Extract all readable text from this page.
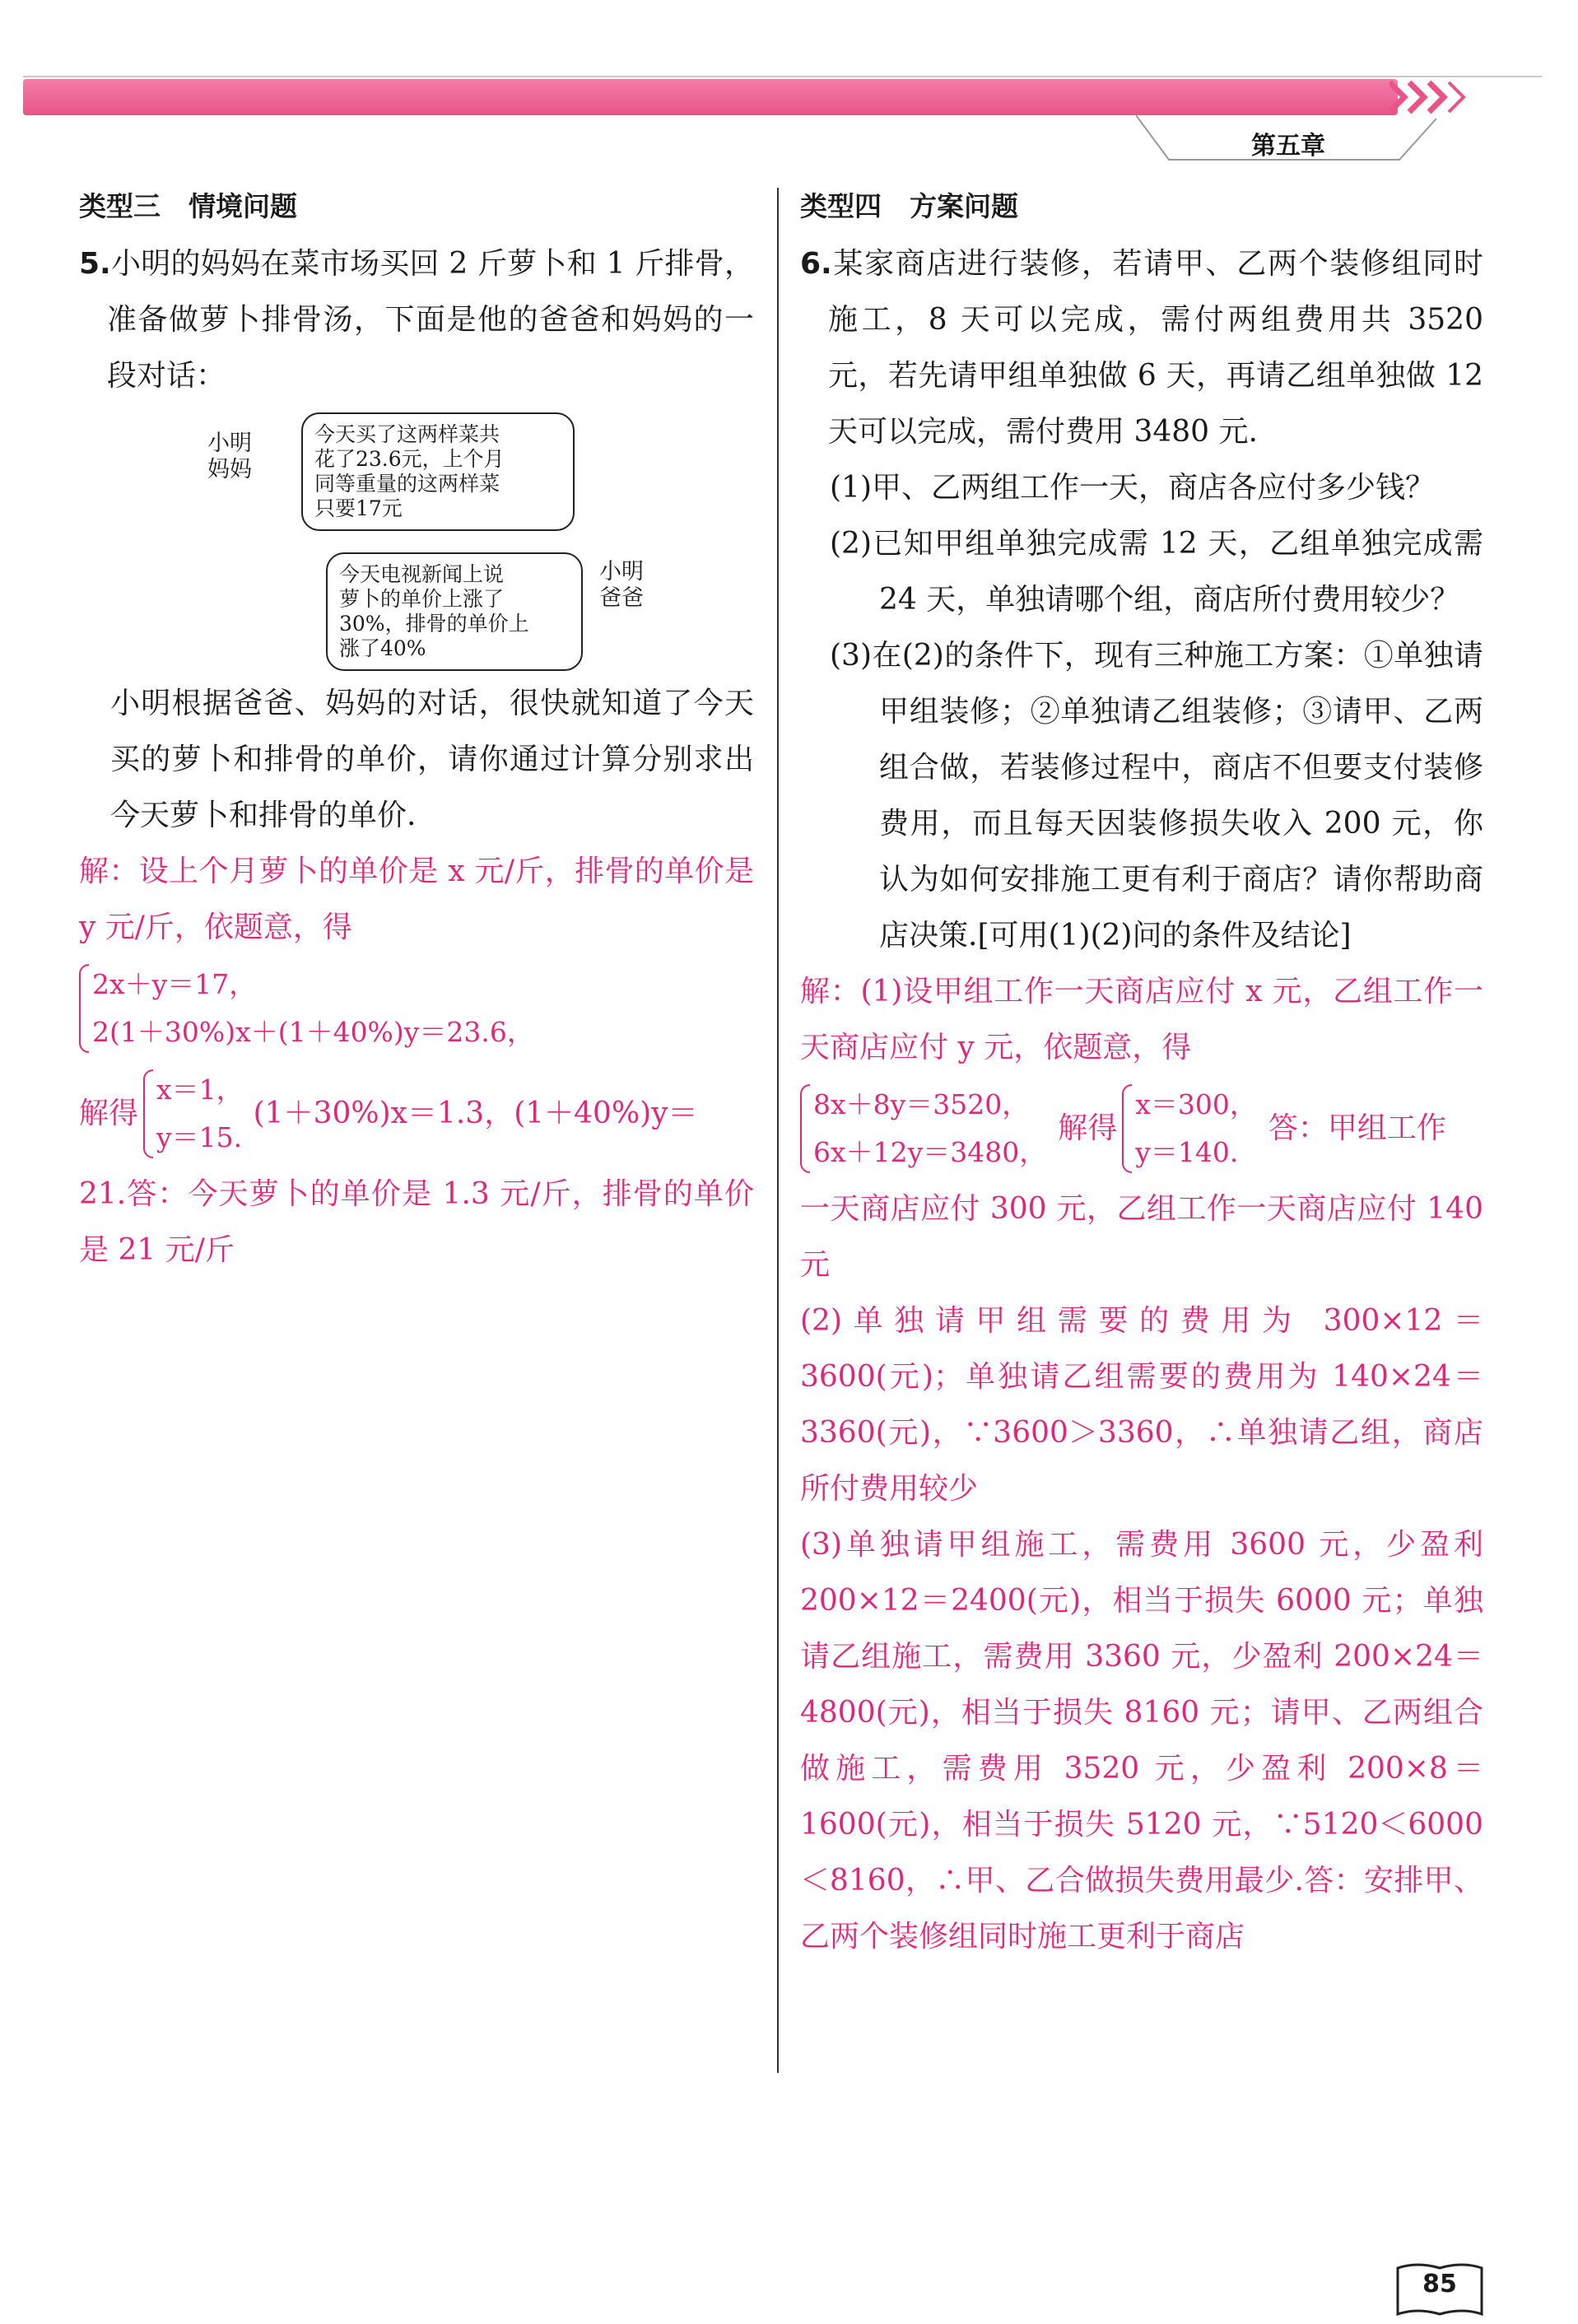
第五章
类型三 情境问题

5.小明的妈妈在菜市场买回 2 斤萝卜和 1 斤排骨，准备做萝卜排骨汤，下面是他的爸爸和妈妈的一段对话：

小明妈妈
今天买了这两样菜共
花了23.6元，上个月
同等重量的这两样菜
只要17元
今天电视新闻上说
萝卜的单价上涨了
30%，排骨的单价上
涨了40%
小明爸爸

小明根据爸爸、妈妈的对话，很快就知道了今天买的萝卜和排骨的单价，请你通过计算分别求出今天萝卜和排骨的单价.

解：设上个月萝卜的单价是 x 元/斤，排骨的单价是 y 元/斤，依题意，得

2x＋y＝17，
2(1＋30%)x＋(1＋40%)y＝23.6，
解得
x＝1，
y＝15.
(1＋30%)x＝1.3，(1＋40%)y＝

21.答：今天萝卜的单价是 1.3 元/斤，排骨的单价是 21 元/斤

类型四 方案问题

6.某家商店进行装修，若请甲、乙两个装修组同时施工，8 天可以完成，需付两组费用共 3520 元，若先请甲组单独做 6 天，再请乙组单独做 12 天可以完成，需付费用 3480 元.

(1)甲、乙两组工作一天，商店各应付多少钱？

(2)已知甲组单独完成需 12 天，乙组单独完成需 24 天，单独请哪个组，商店所付费用较少？

(3)在(2)的条件下，现有三种施工方案：①单独请甲组装修；②单独请乙组装修；③请甲、乙两组合做，若装修过程中，商店不但要支付装修费用，而且每天因装修损失收入 200 元，你认为如何安排施工更有利于商店？请你帮助商店决策.[可用(1)(2)问的条件及结论]

解：(1)设甲组工作一天商店应付 x 元，乙组工作一天商店应付 y 元，依题意，得

8x＋8y＝3520，
6x＋12y＝3480，
解得
x＝300，
y＝140.
答：甲组工作

一天商店应付 300 元，乙组工作一天商店应付 140 元

(2)单独请甲组需要的费用为 300×12＝3600(元)；单独请乙组需要的费用为 140×24＝3360(元)，∵3600＞3360，∴单独请乙组，商店所付费用较少

(3)单独请甲组施工，需费用 3600 元，少盈利 200×12＝2400(元)，相当于损失 6000 元；单独请乙组施工，需费用 3360 元，少盈利 200×24＝4800(元)，相当于损失 8160 元；请甲、乙两组合做施工，需费用 3520 元，少盈利 200×8＝1600(元)，相当于损失 5120 元，∵5120＜6000＜8160，∴甲、乙合做损失费用最少.答：安排甲、乙两个装修组同时施工更利于商店

85
